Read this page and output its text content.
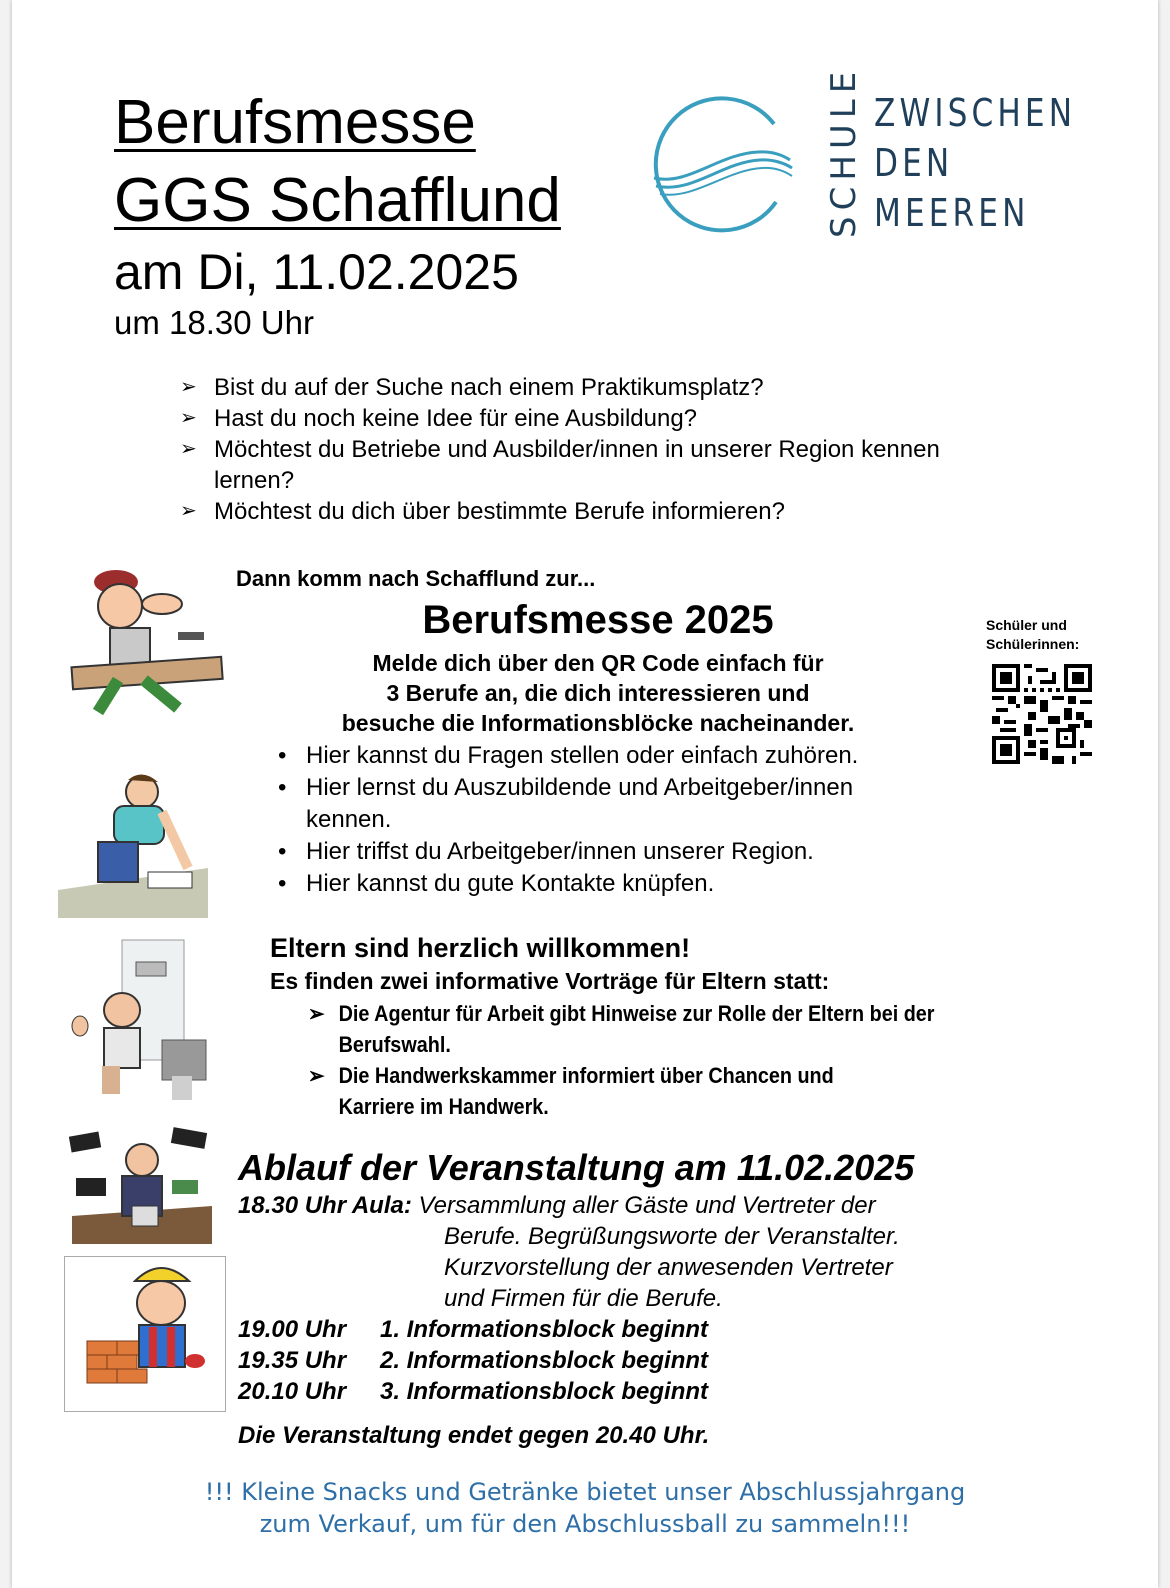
Berufsmesse
GGS Schafflund
am Di, 11.02.2025
um 18.30 Uhr
SCHULE ZWISCHEN
DEN
MEEREN
➢ Bist du auf der Suche nach einem Praktikumsplatz?
➢ Hast du noch keine Idee für eine Ausbildung?
➢ Möchtest du Betriebe und Ausbilder/innen in unserer Region kennen lernen?
➢ Möchtest du dich über bestimmte Berufe informieren?
Dann komm nach Schafflund zur...
Berufsmesse 2025
Melde dich über den QR Code einfach für
3 Berufe an, die dich interessieren und
besuche die Informationsblöcke nacheinander.
• Hier kannst du Fragen stellen oder einfach zuhören.
• Hier lernst du Auszubildende und Arbeitgeber/innen kennen.
• Hier triffst du Arbeitgeber/innen unserer Region.
• Hier kannst du gute Kontakte knüpfen.
Schüler und
Schülerinnen:
Eltern sind herzlich willkommen!
Es finden zwei informative Vorträge für Eltern statt:
➢ Die Agentur für Arbeit gibt Hinweise zur Rolle der Eltern bei der Berufswahl.
➢ Die Handwerkskammer informiert über Chancen und Karriere im Handwerk.
Ablauf der Veranstaltung am 11.02.2025
18.30 Uhr Aula: Versammlung aller Gäste und Vertreter der
Berufe. Begrüßungsworte der Veranstalter.
Kurzvorstellung der anwesenden Vertreter
und Firmen für die Berufe.
19.00 Uhr 1. Informationsblock beginnt
19.35 Uhr 2. Informationsblock beginnt
20.10 Uhr 3. Informationsblock beginnt
Die Veranstaltung endet gegen 20.40 Uhr.
!!! Kleine Snacks und Getränke bietet unser Abschlussjahrgang
zum Verkauf, um für den Abschlussball zu sammeln!!!
